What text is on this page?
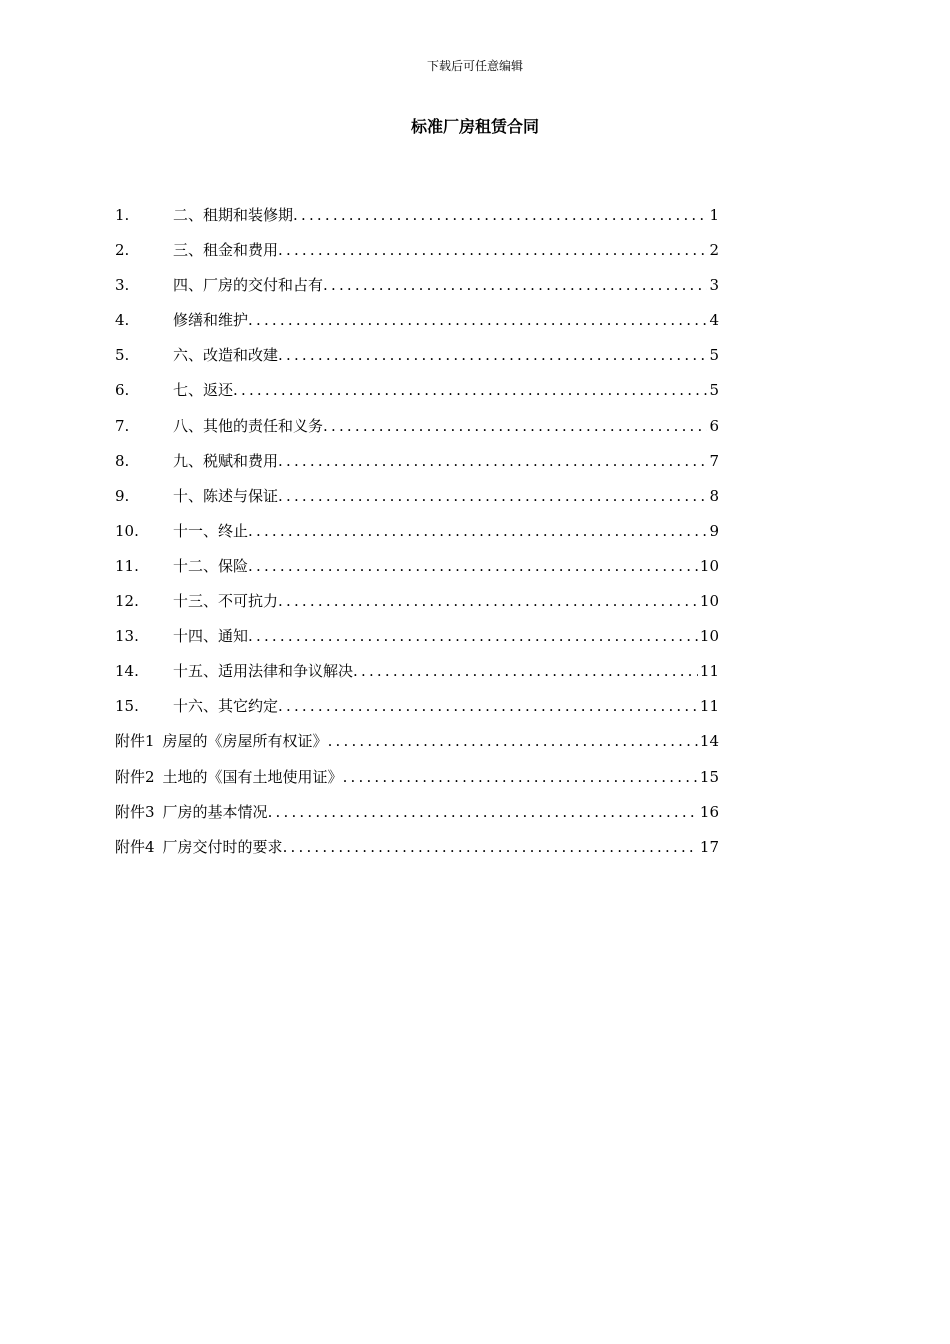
下载后可任意编辑
标准厂房租赁合同
1.	二、租期和装修期 .....	1
2.	三、租金和费用 .....	2
3.	四、厂房的交付和占有 .....	3
4.	修缮和维护 .....	4
5.	六、改造和改建 .....	5
6.	七、返还 .....	5
7.	八、其他的责任和义务 .....	6
8.	九、税赋和费用 .....	7
9.	十、陈述与保证 .....	8
10.	十一、终止 .....	9
11.	十二、保险 .....	10
12.	十三、不可抗力 .....	10
13.	十四、通知 .....	10
14.	十五、适用法律和争议解决 .....	11
15.	十六、其它约定 .....	11
附件1 房屋的《房屋所有权证》 .....	14
附件2 土地的《国有土地使用证》 .....	15
附件3 厂房的基本情况 .....	16
附件4 厂房交付时的要求 .....	17
